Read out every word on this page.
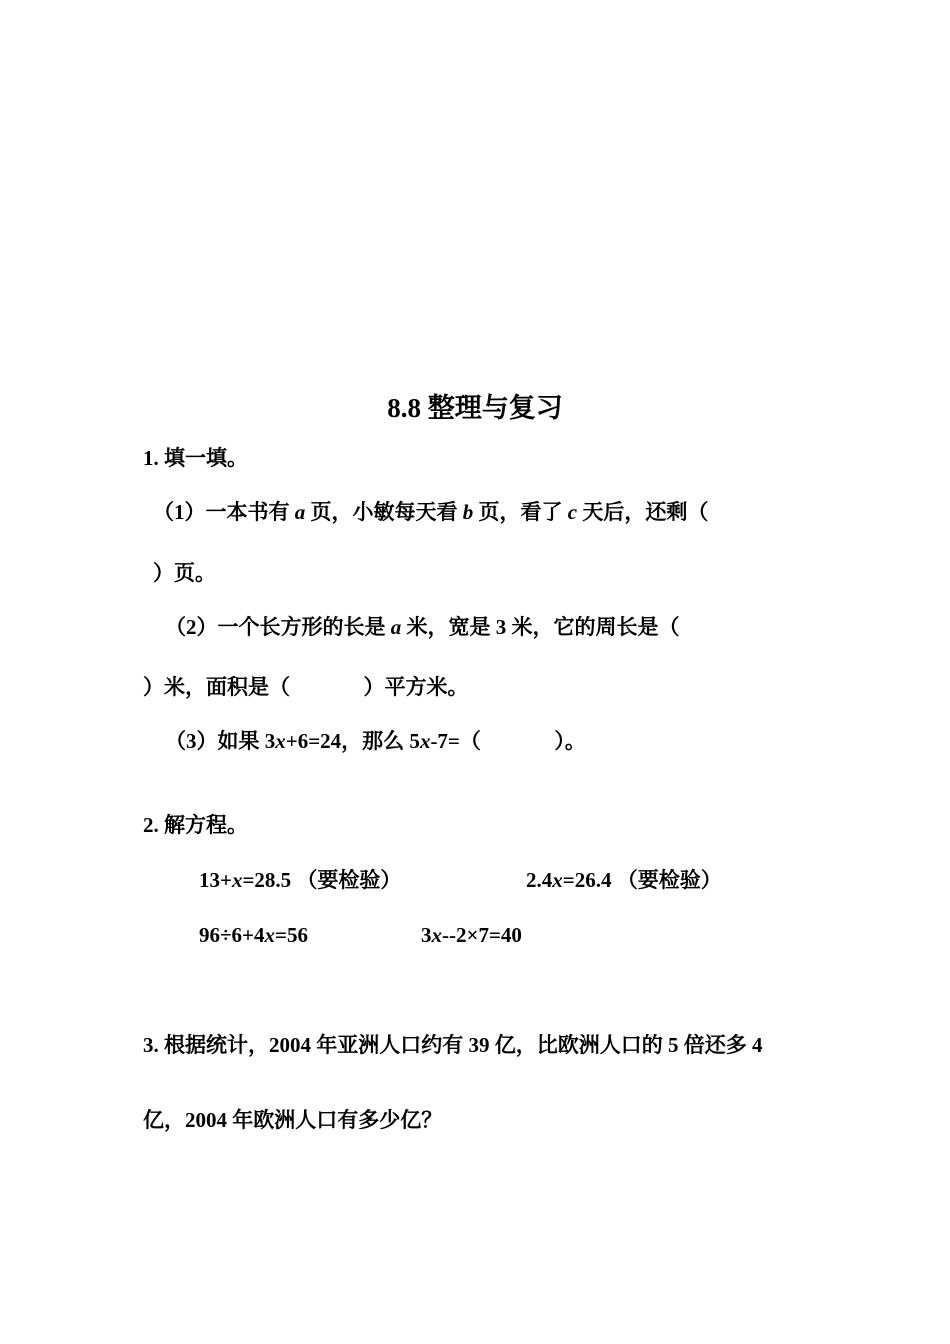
8.8 整理与复习
1. 填一填。
（1）一本书有 a 页，小敏每天看 b 页，看了 c 天后，还剩（
）页。
（2）一个长方形的长是 a 米，宽是 3 米，它的周长是（
）米，面积是（              ）平方米。
（3）如果 3x+6=24，那么 5x-7=（              ）。
2. 解方程。
13+x=28.5 （要检验）	2.4x=26.4 （要检验）
96÷6+4x=56	3x--2×7=40
3. 根据统计，2004 年亚洲人口约有 39 亿，比欧洲人口的 5 倍还多 4
亿，2004 年欧洲人口有多少亿？
